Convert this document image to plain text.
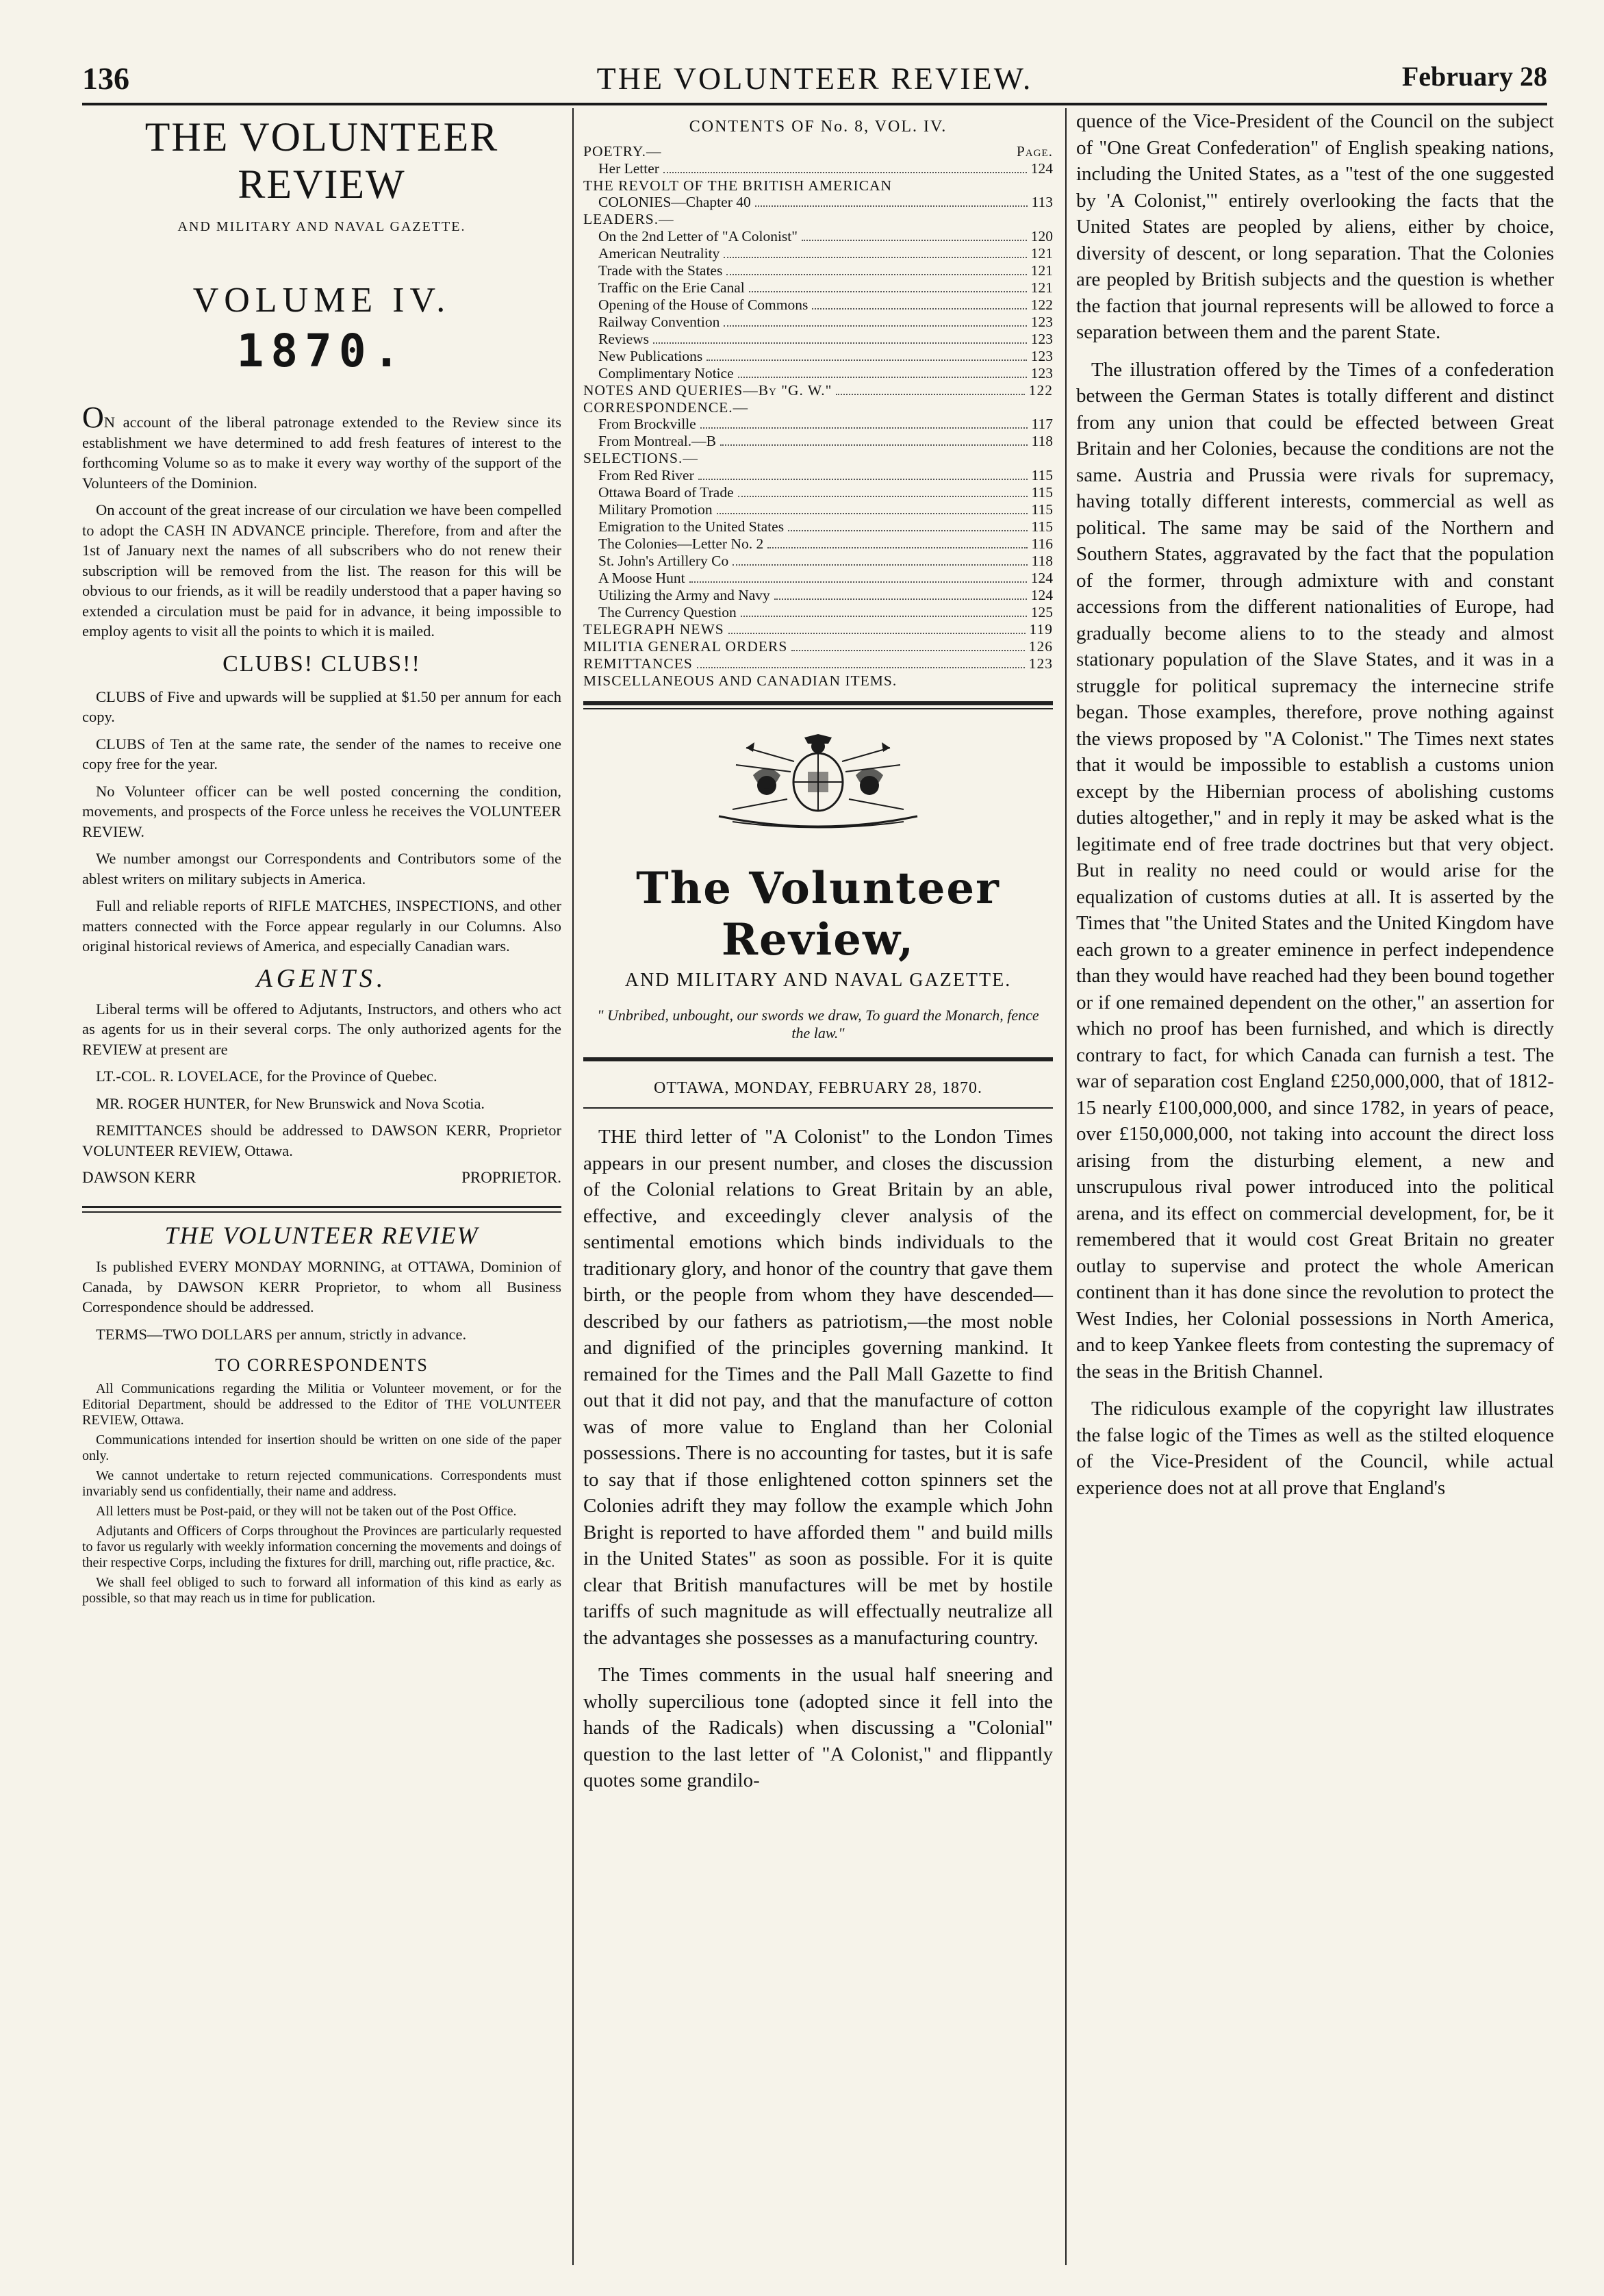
136	THE VOLUNTEER REVIEW.	February 28
THE VOLUNTEER REVIEW
AND MILITARY AND NAVAL GAZETTE.
VOLUME IV.
1870.

ON account of the liberal patronage extended to the Review since its establishment we have determined to add fresh features of interest to the forthcoming Volume so as to make it every way worthy of the support of the Volunteers of the Dominion.

On account of the great increase of our circulation we have been compelled to adopt the CASH IN ADVANCE principle. Therefore, from and after the 1st of January next the names of all subscribers who do not renew their subscription will be removed from the list. The reason for this will be obvious to our friends, as it will be readily understood that a paper having so extended a circulation must be paid for in advance, it being impossible to employ agents to visit all the points to which it is mailed.

CLUBS! CLUBS!!

CLUBS of Five and upwards will be supplied at $1.50 per annum for each copy.

CLUBS of Ten at the same rate, the sender of the names to receive one copy free for the year.

No Volunteer officer can be well posted concerning the condition, movements, and prospects of the Force unless he receives the VOLUNTEER REVIEW.

We number amongst our Correspondents and Contributors some of the ablest writers on military subjects in America.

Full and reliable reports of RIFLE MATCHES, INSPECTIONS, and other matters connected with the Force appear regularly in our Columns. Also original historical reviews of America, and especially Canadian wars.

AGENTS.

Liberal terms will be offered to Adjutants, Instructors, and others who act as agents for us in their several corps. The only authorized agents for the REVIEW at present are

LT.-COL. R. LOVELACE, for the Province of Quebec.

MR. ROGER HUNTER, for New Brunswick and Nova Scotia.

REMITTANCES should be addressed to DAWSON KERR, Proprietor VOLUNTEER REVIEW, Ottawa.

DAWSON KERR	PROPRIETOR.
THE VOLUNTEER REVIEW

Is published EVERY MONDAY MORNING, at OTTAWA, Dominion of Canada, by DAWSON KERR Proprietor, to whom all Business Correspondence should be addressed.

TERMS—TWO DOLLARS per annum, strictly in advance.

TO CORRESPONDENTS

All Communications regarding the Militia or Volunteer movement, or for the Editorial Department, should be addressed to the Editor of THE VOLUNTEER REVIEW, Ottawa.

Communications intended for insertion should be written on one side of the paper only.

We cannot undertake to return rejected communications. Correspondents must invariably send us confidentially, their name and address.

All letters must be Post-paid, or they will not be taken out of the Post Office.

Adjutants and Officers of Corps throughout the Provinces are particularly requested to favor us regularly with weekly information concerning the movements and doings of their respective Corps, including the fixtures for drill, marching out, rifle practice, &c.

We shall feel obliged to such to forward all information of this kind as early as possible, so that may reach us in time for publication.

CONTENTS OF No. 8, VOL. IV.
POETRY.—	Page.
Her Letter	124
THE REVOLT OF THE BRITISH AMERICAN
COLONIES—Chapter 40	113
LEADERS.—
On the 2nd Letter of "A Colonist"	120
American Neutrality	121
Trade with the States	121
Traffic on the Erie Canal	121
Opening of the House of Commons	122
Railway Convention	123
Reviews	123
New Publications	123
Complimentary Notice	123
NOTES AND QUERIES—By "G. W."	122
CORRESPONDENCE.—
From Brockville	117
From Montreal.—B	118
SELECTIONS.—
From Red River	115
Ottawa Board of Trade	115
Military Promotion	115
Emigration to the United States	115
The Colonies—Letter No. 2	116
St. John's Artillery Co	118
A Moose Hunt	124
Utilizing the Army and Navy	124
The Currency Question	125
TELEGRAPH NEWS	119
MILITIA GENERAL ORDERS	126
REMITTANCES	123
MISCELLANEOUS AND CANADIAN ITEMS.
The Volunteer Review,
AND MILITARY AND NAVAL GAZETTE.
" Unbribed, unbought, our swords we draw, To guard the Monarch, fence the law."
OTTAWA, MONDAY, FEBRUARY 28, 1870.

THE third letter of "A Colonist" to the London Times appears in our present number, and closes the discussion of the Colonial relations to Great Britain by an able, effective, and exceedingly clever analysis of the sentimental emotions which binds individuals to the traditionary glory, and honor of the country that gave them birth, or the people from whom they have descended—described by our fathers as patriotism,—the most noble and dignified of the principles governing mankind. It remained for the Times and the Pall Mall Gazette to find out that it did not pay, and that the manufacture of cotton was of more value to England than her Colonial possessions. There is no accounting for tastes, but it is safe to say that if those enlightened cotton spinners set the Colonies adrift they may follow the example which John Bright is reported to have afforded them " and build mills in the United States" as soon as possible. For it is quite clear that British manufactures will be met by hostile tariffs of such magnitude as will effectually neutralize all the advantages she possesses as a manufacturing country.

The Times comments in the usual half sneering and wholly supercilious tone (adopted since it fell into the hands of the Radicals) when discussing a "Colonial" question to the last letter of "A Colonist," and flippantly quotes some grandilo-

quence of the Vice-President of the Council on the subject of "One Great Confederation" of English speaking nations, including the United States, as a "test of the one suggested by 'A Colonist,'" entirely overlooking the facts that the United States are peopled by aliens, either by choice, diversity of descent, or long separation. That the Colonies are peopled by British subjects and the question is whether the faction that journal represents will be allowed to force a separation between them and the parent State.

The illustration offered by the Times of a confederation between the German States is totally different and distinct from any union that could be effected between Great Britain and her Colonies, because the conditions are not the same. Austria and Prussia were rivals for supremacy, having totally different interests, commercial as well as political. The same may be said of the Northern and Southern States, aggravated by the fact that the population of the former, through admixture with and constant accessions from the different nationalities of Europe, had gradually become aliens to to the steady and almost stationary population of the Slave States, and it was in a struggle for political supremacy the internecine strife began. Those examples, therefore, prove nothing against the views proposed by "A Colonist." The Times next states that it would be impossible to establish a customs union except by the Hibernian process of abolishing customs duties altogether," and in reply it may be asked what is the legitimate end of free trade doctrines but that very object. But in reality no need could or would arise for the equalization of customs duties at all. It is asserted by the Times that "the United States and the United Kingdom have each grown to a greater eminence in perfect independence than they would have reached had they been bound together or if one remained dependent on the other," an assertion for which no proof has been furnished, and which is directly contrary to fact, for which Canada can furnish a test. The war of separation cost England £250,000,000, that of 1812-15 nearly £100,000,000, and since 1782, in years of peace, over £150,000,000, not taking into account the direct loss arising from the disturbing element, a new and unscrupulous rival power introduced into the political arena, and its effect on commercial development, for, be it remembered that it would cost Great Britain no greater outlay to supervise and protect the whole American continent than it has done since the revolution to protect the West Indies, her Colonial possessions in North America, and to keep Yankee fleets from contesting the supremacy of the seas in the British Channel.

The ridiculous example of the copyright law illustrates the false logic of the Times as well as the stilted eloquence of the Vice-President of the Council, while actual experience does not at all prove that England's
